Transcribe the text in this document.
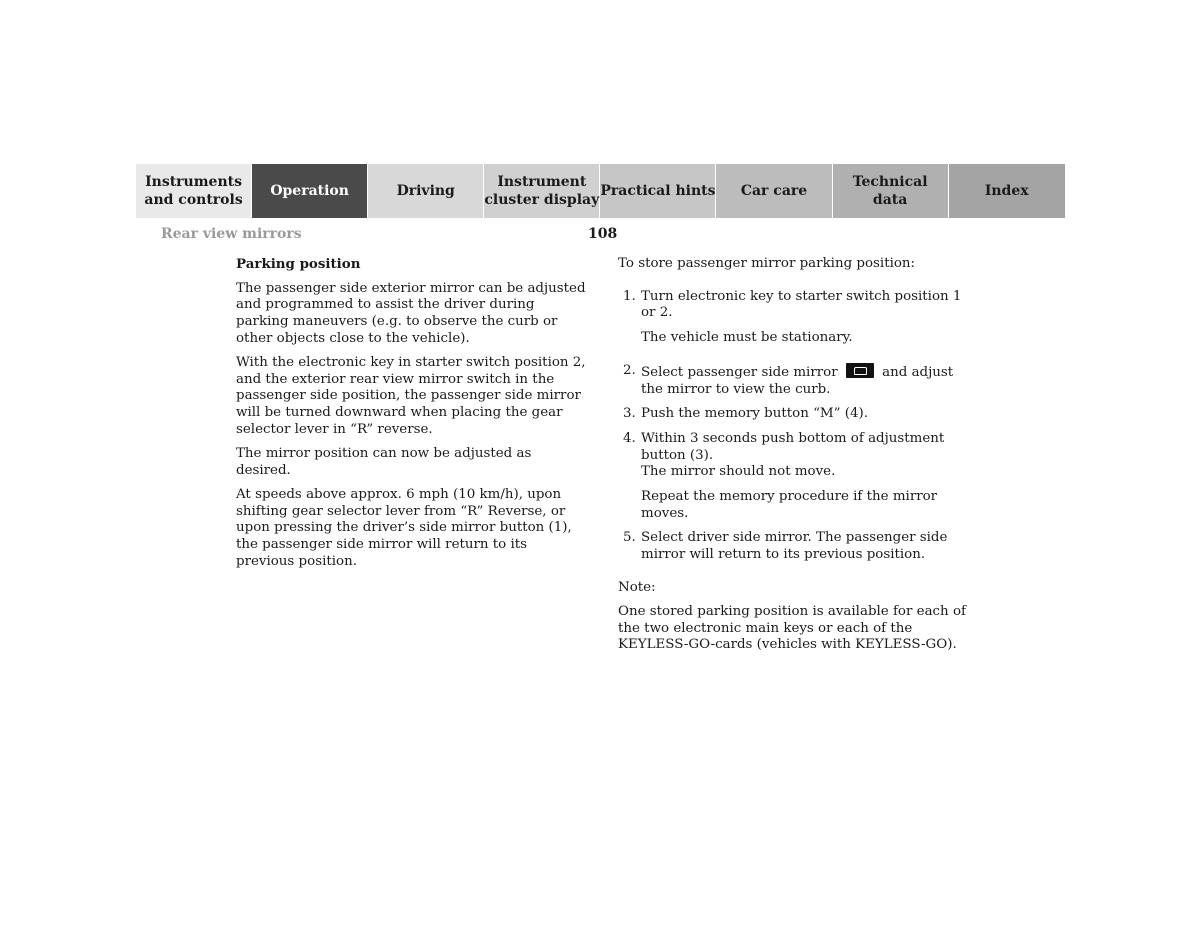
Instruments
and controls
Operation	Driving
Instrument
cluster display
Practical hints	Car care
Technical
data
Index

Rear view mirrors	108

Parking position

The passenger side exterior mirror can be adjusted and programmed to assist the driver during parking maneuvers (e.g. to observe the curb or other objects close to the vehicle).

With the electronic key in starter switch position 2, and the exterior rear view mirror switch in the passenger side position, the passenger side mirror will be turned downward when placing the gear selector lever in “R” reverse.

The mirror position can now be adjusted as desired.

At speeds above approx. 6 mph (10 km/h), upon shifting gear selector lever from “R” Reverse, or upon pressing the driver’s side mirror button (1), the passenger side mirror will return to its previous position.

To store passenger mirror parking position:

1. Turn electronic key to starter switch position 1 or 2.
The vehicle must be stationary.
2. Select passenger side mirror	and adjust the mirror to view the curb.
3. Push the memory button “M” (4).
4. Within 3 seconds push bottom of adjustment button (3).
The mirror should not move.
Repeat the memory procedure if the mirror moves.
5. Select driver side mirror. The passenger side mirror will return to its previous position.

Note:

One stored parking position is available for each of the two electronic main keys or each of the KEYLESS-GO-cards (vehicles with KEYLESS-GO).
